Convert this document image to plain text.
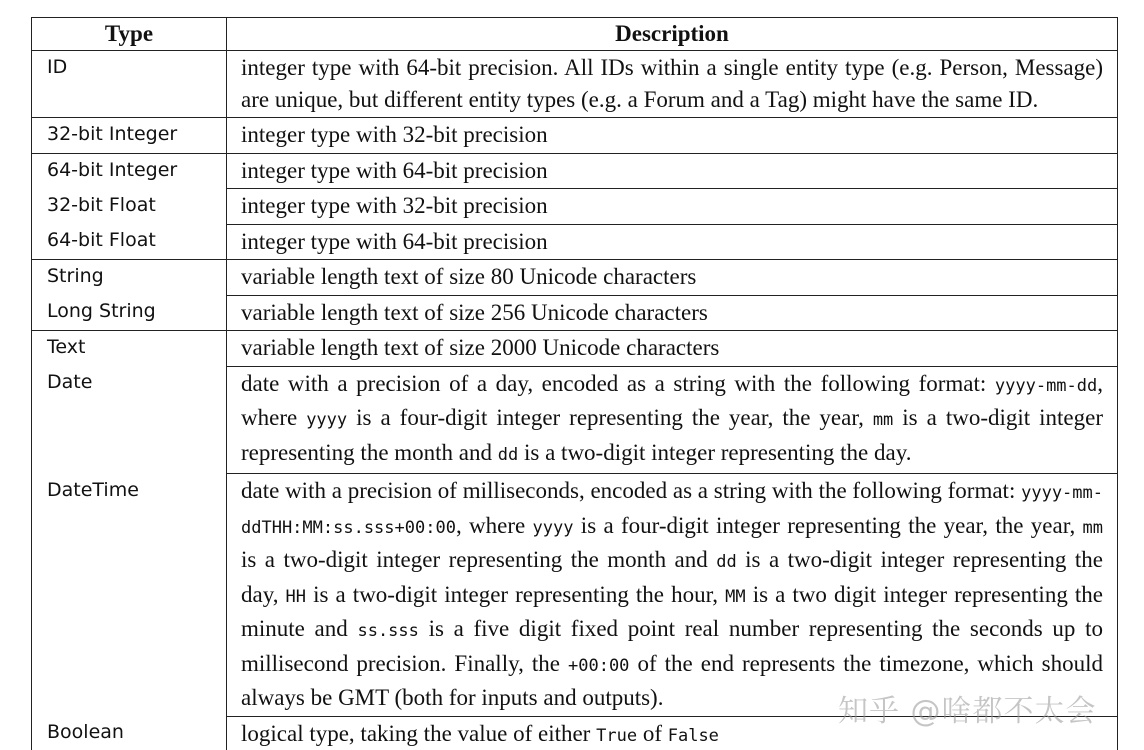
Type	Description
ID	integer type with 64-bit precision. All IDs within a single entity type (e.g. Person, Message) are unique, but different entity types (e.g. a Forum and a Tag) might have the same ID.
32-bit Integer	integer type with 32-bit precision
64-bit Integer	integer type with 64-bit precision
32-bit Float	integer type with 32-bit precision
64-bit Float	integer type with 64-bit precision
String	variable length text of size 80 Unicode characters
Long String	variable length text of size 256 Unicode characters
Text	variable length text of size 2000 Unicode characters
Date	date with a precision of a day, encoded as a string with the following format: yyyy-mm-dd, where yyyy is a four-digit integer representing the year, the year, mm is a two-digit integer representing the month and dd is a two-digit integer representing the day.
DateTime	date with a precision of milliseconds, encoded as a string with the following format: yyyy-mm-ddTHH:MM:ss.sss+00:00, where yyyy is a four-digit integer representing the year, the year, mm is a two-digit integer representing the month and dd is a two-digit integer representing the day, HH is a two-digit integer representing the hour, MM is a two digit integer representing the minute and ss.sss is a five digit fixed point real number representing the seconds up to millisecond precision. Finally, the +00:00 of the end represents the timezone, which should always be GMT (both for inputs and outputs).
Boolean	logical type, taking the value of either True of False
知乎 @啥都不太会
